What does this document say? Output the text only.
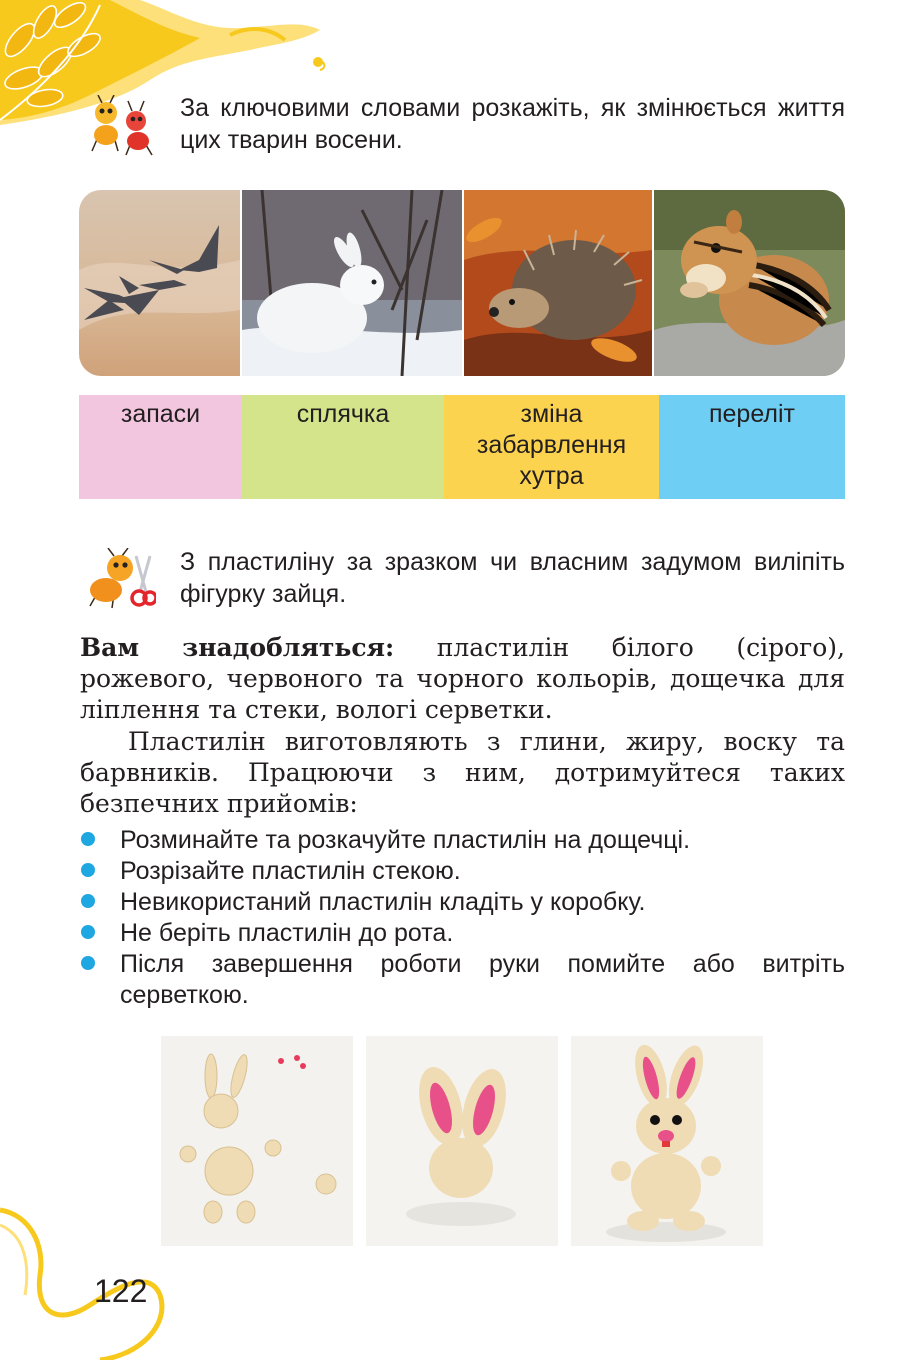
За ключовими словами розкажіть, як змінюється життя цих тварин восени.
запаси	сплячка	зміна забарвлення хутра
переліт
З пластиліну за зразком чи власним задумом виліпіть фігурку зайця.
Вам знадобляться: пластилін білого (сірого), рожевого, червоного та чорного кольорів, дощечка для ліплення та стеки, вологі серветки.
Пластилін виготовляють з глини, жиру, воску та барвників. Працюючи з ним, дотримуйтеся таких безпечних прийомів:
Розминайте та розкачуйте пластилін на дощечці.
Розрізайте пластилін стекою.
Невикористаний пластилін кладіть у коробку.
Не беріть пластилін до рота.
Після завершення роботи руки помийте або витріть серветкою.
122
